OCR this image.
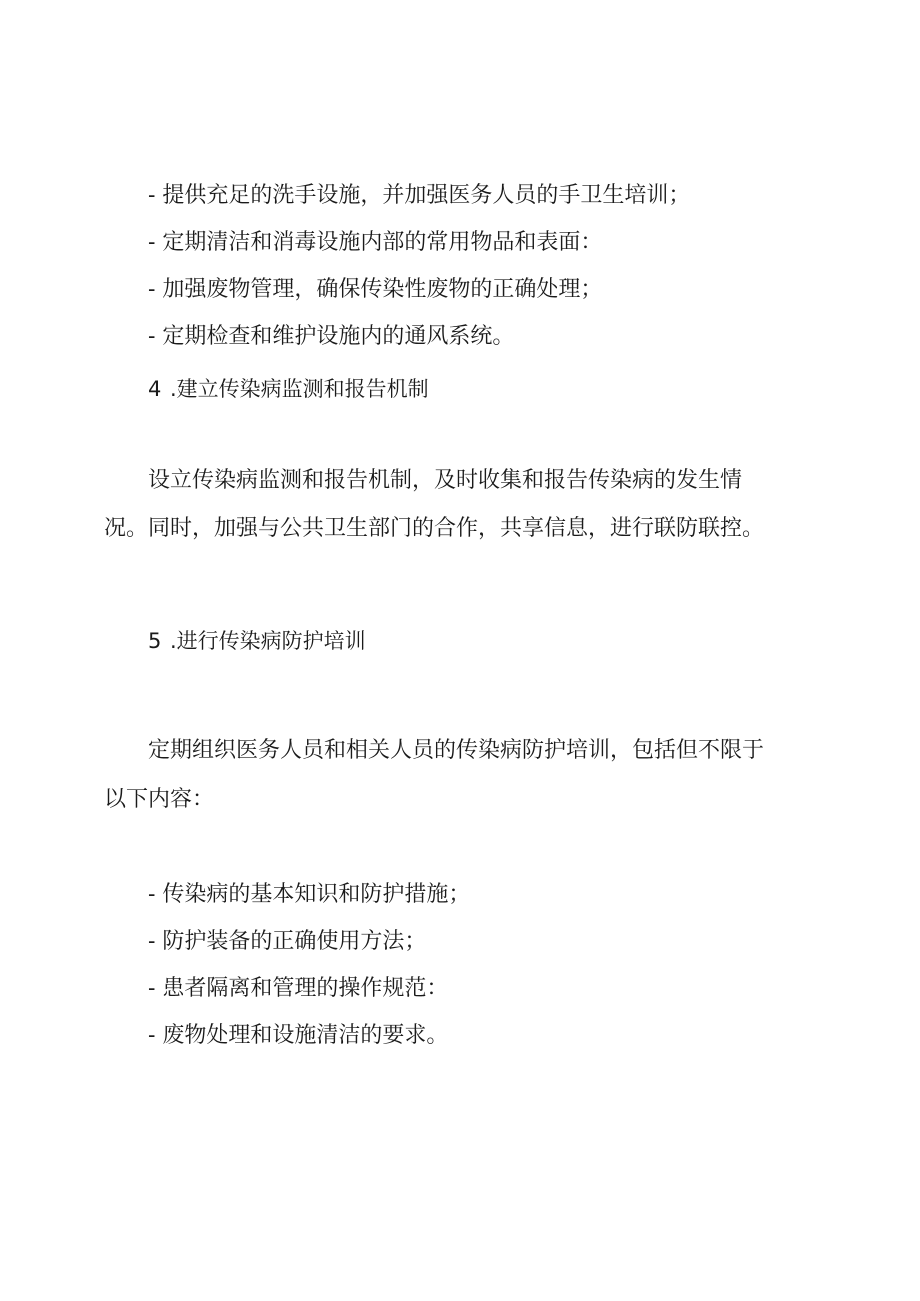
- 提供充足的洗手设施，并加强医务人员的手卫生培训；
- 定期清洁和消毒设施内部的常用物品和表面：
- 加强废物管理，确保传染性废物的正确处理；
- 定期检查和维护设施内的通风系统。
4 .建立传染病监测和报告机制
设立传染病监测和报告机制，及时收集和报告传染病的发生情
况。同时，加强与公共卫生部门的合作，共享信息，进行联防联控。
5 .进行传染病防护培训
定期组织医务人员和相关人员的传染病防护培训，包括但不限于
以下内容：
- 传染病的基本知识和防护措施；
- 防护装备的正确使用方法；
- 患者隔离和管理的操作规范：
- 废物处理和设施清洁的要求。
